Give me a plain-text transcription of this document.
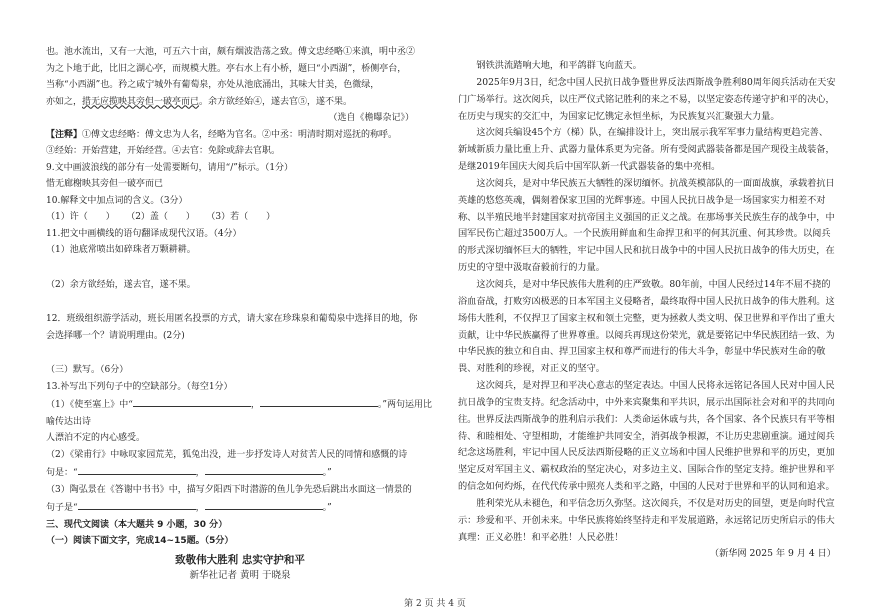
也。池水流出，又有一大池，可五六十亩，颇有烟波浩荡之致。傅文忠经略①来滇，明中丞②

为之卜地于此，比旧之湖心亭，而规模大胜。亭右水上有小桥，题曰“小西湖”，桥侧亭台，

当称“小西湖”也。矜之咸宁城外有葡萄泉，亦处从池底涌出，其味大甘美，色微绿，

亦如之，措无应揽映其旁但一破亭而已。余方欲经始④，遂去官⑤，遂不果。

（选自《檐曝杂记》）

【注释】①傅文忠经略：傅文忠为人名，经略为官名。②中丞：明清时期对巡抚的称呼。

③经始：开始营建，开始经营。④去官：免除或辞去官职。

9.文中画波浪线的部分有一处需要断句，请用“/”标示。（1分）

惜无廊榭映其旁但一破亭而已

10.解释文中加点词的含义。（3分）

（1）许（　　） （2）盖（　　） （3）若（　　）

11.把文中画横线的语句翻译成现代汉语。（4分）

（1）池底常喷出如碎珠者万颗耕耕。

（2）余方欲经始，遂去官，遂不果。

12．班级组织游学活动，班长用匿名投票的方式，请大家在珍珠泉和葡萄泉中选择目的地，你

会选择哪一个？请说明理由。(2分)

（三）默写。（6分）

13.补写出下列句子中的空缺部分。（每空1分）

（1）《使至塞上》中“	，	。”两句运用比喻传达出诗

人漂泊不定的内心感受。

（2）《梁甫行》中咏叹家园荒芜，狐兔出没，进一步抒发诗人对贫苦人民的同情和感慨的诗

句是：“	，	。”

（3）陶弘景在《答谢中书书》中，描写夕阳西下时潜游的鱼儿争先恐后跳出水面这一情景的

句子是“	，	。”

三、现代文阅读（本大题共 9 小题，30 分）

（一）阅读下面文字，完成14~15题。（5分）

致敬伟大胜利 忠实守护和平

新华社记者 黄明 于晓泉

钢铁洪流踏响大地，和平鸽群飞向蓝天。

2025年9月3日，纪念中国人民抗日战争暨世界反法西斯战争胜利80周年阅兵活动在天安门广场举行。这次阅兵，以庄严仪式铭记胜利的来之不易，以坚定姿态传递守护和平的决心，在历史与现实的交汇中，为国家记忆镌定永恒坐标，为民族复兴汇聚强大力量。

这次阅兵编设45个方（梯）队，在编排设计上，突出展示我军军事力量结构更趋完善、新域新质力量比重上升、武器力量体系更为完备。所有受阅武器装备都是国产现役主战装备，是继2019年国庆大阅兵后中国军队新一代武器装备的集中亮相。

这次阅兵，是对中华民族五大牺牲的深切缅怀。抗战英模部队的一面面战旗，承载着抗日英雄的悠悠英魂，偶刻着保家卫国的光辉事迹。中国人民抗日战争是一场国家实力相差不对称、以半殖民地半封建国家对抗帝国主义强国的正义之战。在那场事关民族生存的战争中，中国军民伤亡超过3500万人。一个民族用鲜血和生命捍卫和平的何其沉重、何其珍贵。以阅兵的形式深切缅怀巨大的牺牲，牢记中国人民和抗日战争中的中国人民抗日战争的伟大历史，在历史的守望中汲取奋毅前行的力量。

这次阅兵，是对中华民族伟大胜利的庄严致敬。80年前，中国人民经过14年不屈不挠的浴血奋战，打败穷凶极恶的日本军国主义侵略者，最终取得中国人民抗日战争的伟大胜利。这场伟大胜利，不仅捍卫了国家主权和领土完整，更为拯救人类文明、保卫世界和平作出了重大贡献，让中华民族赢得了世界尊重。以阅兵再现这份荣光，就是要铭记中华民族团结一致、为中华民族的独立和自由、捍卫国家主权和尊严而进行的伟大斗争，彰显中华民族对生命的敬畏、对胜利的珍视，对正义的坚守。

这次阅兵，是对捍卫和平决心意志的坚定表达。中国人民将永远铭记各国人民对中国人民抗日战争的宝贵支持。纪念活动中，中外来宾聚集和平共识，展示出国际社会对和平的共同向往。世界反法西斯战争的胜利启示我们：人类命运休戚与共，各个国家、各个民族只有平等相待、和睦相处、守望相助，才能维护共同安全，消弭战争根源，不让历史悲剧重演。通过阅兵纪念这场胜利，牢记中国人民反法西斯侵略的正义立场和中国人民维护世界和平的历史，更加坚定反对军国主义、霸权政治的坚定决心，对多边主义、国际合作的坚定支持。维护世界和平的信念如何灼烁，在代代传承中照亮人类和平之路，中国的人民对于世界和平的认同和追求。

胜利荣光从未褪色，和平信念历久弥坚。这次阅兵，不仅是对历史的回望，更是向时代宣示：珍爱和平、开创未来。中华民族将始终坚持走和平发展道路，永远铭记历史所启示的伟大真理：正义必胜！和平必胜！人民必胜！

（新华网 2025 年 9 月 4 日）

第 2 页 共 4 页
